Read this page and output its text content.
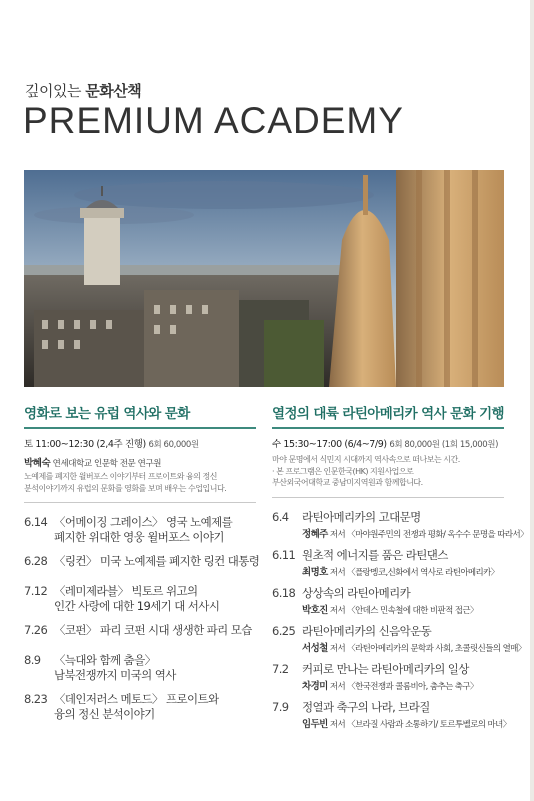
깊이있는 문화산책
PREMIUM ACADEMY
영화로 보는 유럽 역사와 문화
토 11:00~12:30 (2,4주 진행) 6회 60,000원
박혜숙 연세대학교 인문학 전문 연구원
노예제를 폐지한 윌버포스 이야기부터 프로이트와 융의 정신
분석이야기까지 유럽의 문화를 영화를 보며 배우는 수업입니다.
6.14 〈어메이징 그레이스〉 영국 노예제를
폐지한 위대한 영웅 윌버포스 이야기
6.28 〈링컨〉 미국 노예제를 폐지한 링컨 대통령
7.12 〈레미제라블〉 빅토르 위고의
인간 사랑에 대한 19세기 대 서사시
7.26 〈코펀〉 파리 코펀 시대 생생한 파리 모습
8.9 〈늑대와 함께 춤을〉
남북전쟁까지 미국의 역사
8.23 〈데인저러스 메토드〉 프로이트와
융의 정신 분석이야기
열정의 대륙 라틴아메리카 역사 문화 기행
수 15:30~17:00 (6/4~7/9) 6회 80,000원 (1회 15,000원)
마야 문명에서 식민지 시대까지 역사속으로 떠나보는 시간.
· 본 프로그램은 인문한국(HK) 지원사업으로
부산외국어대학교 중남미지역원과 함께합니다.
6.4 라틴아메리카의 고대문명
정혜주 저서 〈마야원주민의 전쟁과 평화/ 옥수수 문명을 따라서〉
6.11 원초적 에너지를 품은 라틴댄스
최명호 저서 〈플랑멩코,신화에서 역사로 라틴아메리카〉
6.18 상상속의 라틴아메리카
박호진 저서 〈안데스 민속철에 대한 비판적 접근〉
6.25 라틴아메리카의 신음악운동
서성철 저서 〈라틴아메리카의 문학과 사회, 초콜릿신들의 열매〉
7.2 커피로 만나는 라틴아메리카의 일상
차경미 저서 〈한국전쟁과 콜롬비아, 춤추는 축구〉
7.9 정열과 축구의 나라, 브라질
임두빈 저서 〈브라질 사람과 소통하기/ 토르투벨로의 마녀〉
